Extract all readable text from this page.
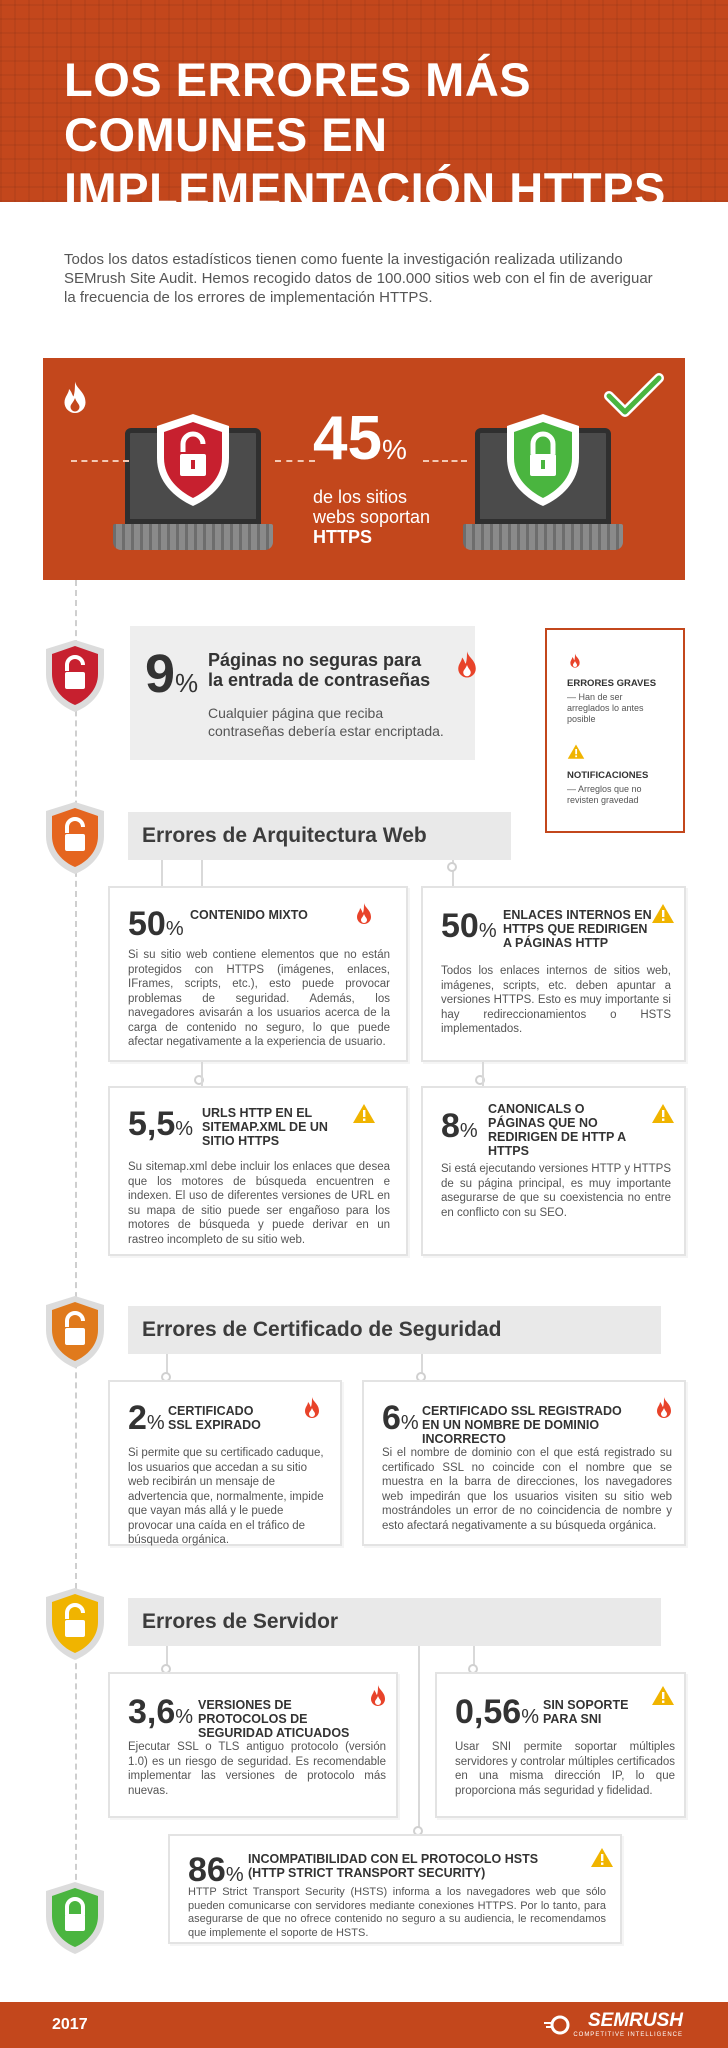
LOS ERRORES MÁS COMUNES EN IMPLEMENTACIÓN HTTPS

Todos los datos estadísticos tienen como fuente la investigación realizada utilizando SEMrush Site Audit. Hemos recogido datos de 100.000 sitios web con el fin de averiguar la frecuencia de los errores de implementación HTTPS.

45%
de los sitios
webs soportan
HTTPS
9%
Páginas no seguras para la entrada de contraseñas
Cualquier página que reciba contraseñas debería estar encriptada.
ERRORES GRAVES
— Han de ser arreglados lo antes posible
NOTIFICACIONES
— Arreglos que no revisten gravedad
Errores de Arquitectura Web
50%
CONTENIDO MIXTO
Si su sitio web contiene elementos que no están protegidos con HTTPS (imágenes, enlaces, IFrames, scripts, etc.), esto puede provocar problemas de seguridad. Además, los navegadores avisarán a los usuarios acerca de la carga de contenido no seguro, lo que puede afectar negativamente a la experiencia de usuario.
50%
ENLACES INTERNOS EN HTTPS QUE REDIRIGEN A PÁGINAS HTTP
Todos los enlaces internos de sitios web, imágenes, scripts, etc. deben apuntar a versiones HTTPS. Esto es muy importante si hay redireccionamientos o HSTS implementados.
5,5%
URLS HTTP EN EL SITEMAP.XML DE UN SITIO HTTPS
Su sitemap.xml debe incluir los enlaces que desea que los motores de búsqueda encuentren e indexen. El uso de diferentes versiones de URL en su mapa de sitio puede ser engañoso para los motores de búsqueda y puede derivar en un rastreo incompleto de su sitio web.
8%
CANONICALS O PÁGINAS QUE NO REDIRIGEN DE HTTP A HTTPS
Si está ejecutando versiones HTTP y HTTPS de su página principal, es muy importante asegurarse de que su coexistencia no entre en conflicto con su SEO.
Errores de Certificado de Seguridad
2%
CERTIFICADO SSL EXPIRADO
Si permite que su certificado caduque, los usuarios que accedan a su sitio web recibirán un mensaje de advertencia que, normalmente, impide que vayan más allá y le puede provocar una caída en el tráfico de búsqueda orgánica.
6%
CERTIFICADO SSL REGISTRADO EN UN NOMBRE DE DOMINIO INCORRECTO
Si el nombre de dominio con el que está registrado su certificado SSL no coincide con el nombre que se muestra en la barra de direcciones, los navegadores web impedirán que los usuarios visiten su sitio web mostrándoles un error de no coincidencia de nombre y esto afectará negativamente a su búsqueda orgánica.
Errores de Servidor
3,6%
VERSIONES DE PROTOCOLOS DE SEGURIDAD ATICUADOS
Ejecutar SSL o TLS antiguo protocolo (versión 1.0) es un riesgo de seguridad. Es recomendable implementar las versiones de protocolo más nuevas.
0,56%
SIN SOPORTE PARA SNI
Usar SNI permite soportar múltiples servidores y controlar múltiples certificados en una misma dirección IP, lo que proporciona más seguridad y fidelidad.
86%
INCOMPATIBILIDAD CON EL PROTOCOLO HSTS (HTTP STRICT TRANSPORT SECURITY)
HTTP Strict Transport Security (HSTS) informa a los navegadores web que sólo pueden comunicarse con servidores mediante conexiones HTTPS. Por lo tanto, para asegurarse de que no ofrece contenido no seguro a su audiencia, le recomendamos que implemente el soporte de HSTS.
2017	SEMRUSH
COMPETITIVE INTELLIGENCE
